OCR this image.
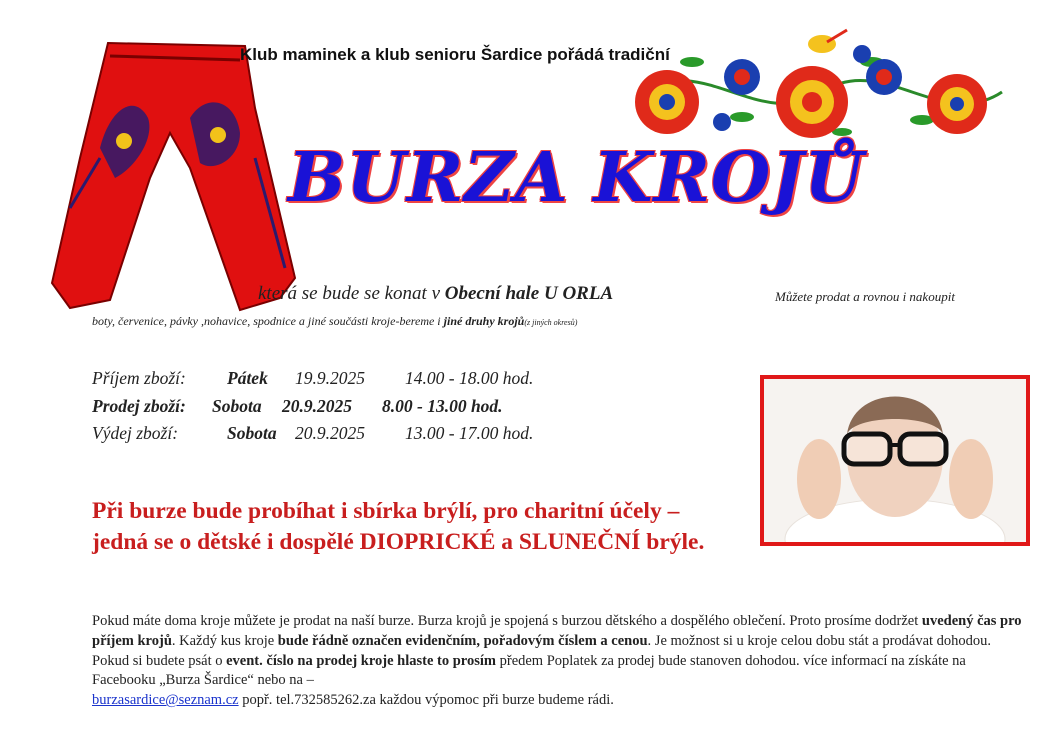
Klub maminek a klub senioru Šardice pořádá tradiční
BURZA KROJŮ
která se bude se konat v Obecní hale U ORLA	Můžete prodat a rovnou i nakoupit
boty, červenice, pávky ,nohavice, spodnice a jiné součásti kroje-bereme i jiné druhy krojů(z jiných okresů)
Příjem zboží: Pátek 19.9.2025 14.00 - 18.00 hod.
Prodej zboží: Sobota 20.9.2025 8.00 - 13.00 hod.
Výdej zboží:	Sobota 20.9.2025 13.00 - 17.00 hod.
Při burze bude probíhat i sbírka brýlí, pro charitní účely – jedná se o dětské i dospělé DIOPRICKÉ a SLUNEČNÍ brýle.
Pokud máte doma kroje můžete je prodat na naší burze. Burza krojů je spojená s burzou dětského a dospělého oblečení. Proto prosíme dodržet uvedený čas pro příjem krojů. Každý kus kroje bude řádně označen evidenčním, pořadovým číslem a cenou. Je možnost si u kroje celou dobu stát a prodávat dohodou. Pokud si budete psát o event. číslo na prodej kroje hlaste to prosím předem Poplatek za prodej bude stanoven dohodou. více informací na získáte na Facebooku „Burza Šardice“ nebo na –
burzasardice@seznam.cz popř. tel.732585262.za každou výpomoc při burze budeme rádi.
